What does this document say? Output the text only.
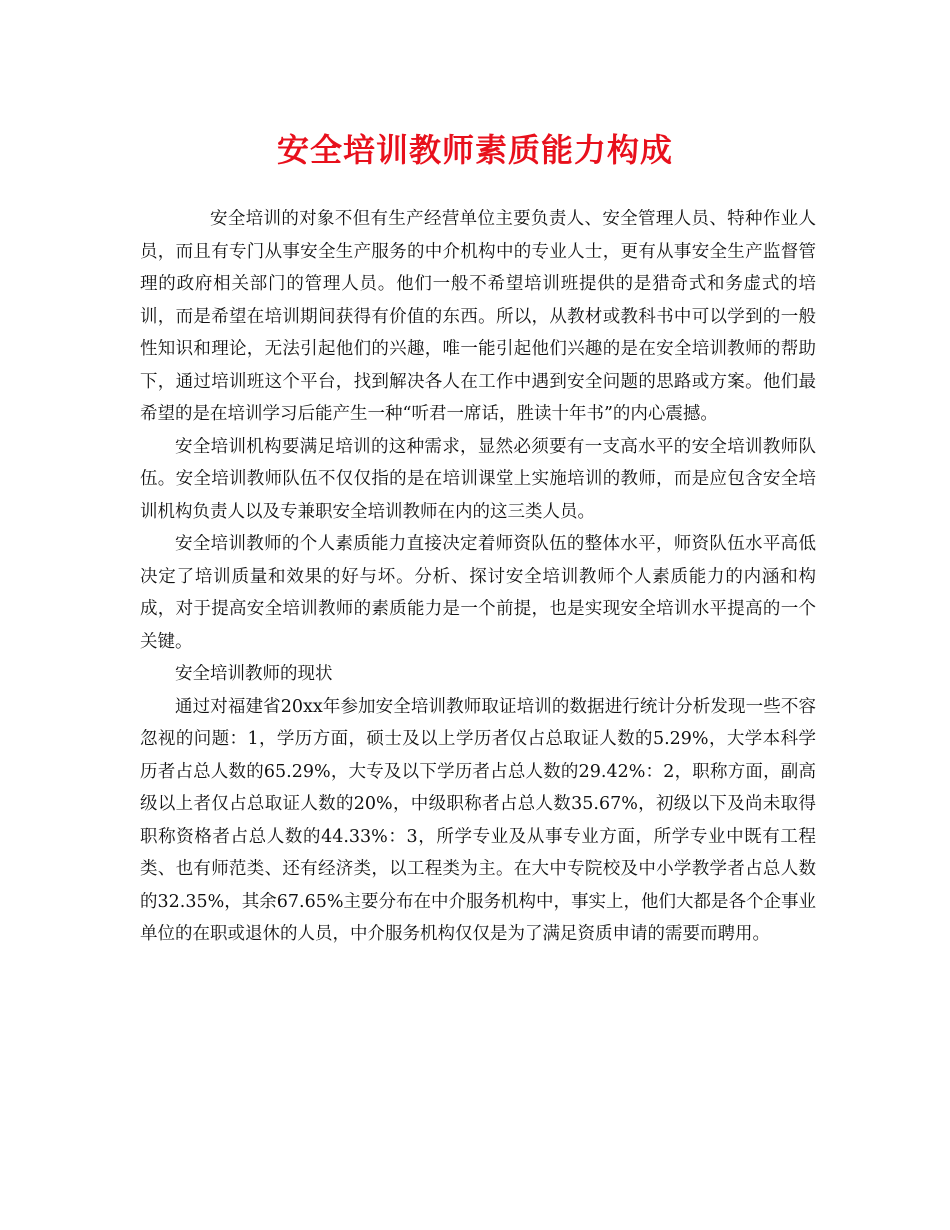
安全培训教师素质能力构成

安全培训的对象不但有生产经营单位主要负责人、安全管理人员、特种作业人员，而且有专门从事安全生产服务的中介机构中的专业人士，更有从事安全生产监督管理的政府相关部门的管理人员。他们一般不希望培训班提供的是猎奇式和务虚式的培训，而是希望在培训期间获得有价值的东西。所以，从教材或教科书中可以学到的一般性知识和理论，无法引起他们的兴趣，唯一能引起他们兴趣的是在安全培训教师的帮助下，通过培训班这个平台，找到解决各人在工作中遇到安全问题的思路或方案。他们最希望的是在培训学习后能产生一种“听君一席话，胜读十年书”的内心震撼。

安全培训机构要满足培训的这种需求，显然必须要有一支高水平的安全培训教师队伍。安全培训教师队伍不仅仅指的是在培训课堂上实施培训的教师，而是应包含安全培训机构负责人以及专兼职安全培训教师在内的这三类人员。

安全培训教师的个人素质能力直接决定着师资队伍的整体水平，师资队伍水平高低决定了培训质量和效果的好与坏。分析、探讨安全培训教师个人素质能力的内涵和构成，对于提高安全培训教师的素质能力是一个前提，也是实现安全培训水平提高的一个关键。

安全培训教师的现状

通过对福建省20xx年参加安全培训教师取证培训的数据进行统计分析发现一些不容忽视的问题：1，学历方面，硕士及以上学历者仅占总取证人数的5.29%，大学本科学历者占总人数的65.29%，大专及以下学历者占总人数的29.42%：2，职称方面，副高级以上者仅占总取证人数的20%，中级职称者占总人数35.67%，初级以下及尚未取得职称资格者占总人数的44.33%：3，所学专业及从事专业方面，所学专业中既有工程类、也有师范类、还有经济类，以工程类为主。在大中专院校及中小学教学者占总人数的32.35%，其余67.65%主要分布在中介服务机构中，事实上，他们大都是各个企事业单位的在职或退休的人员，中介服务机构仅仅是为了满足资质申请的需要而聘用。
